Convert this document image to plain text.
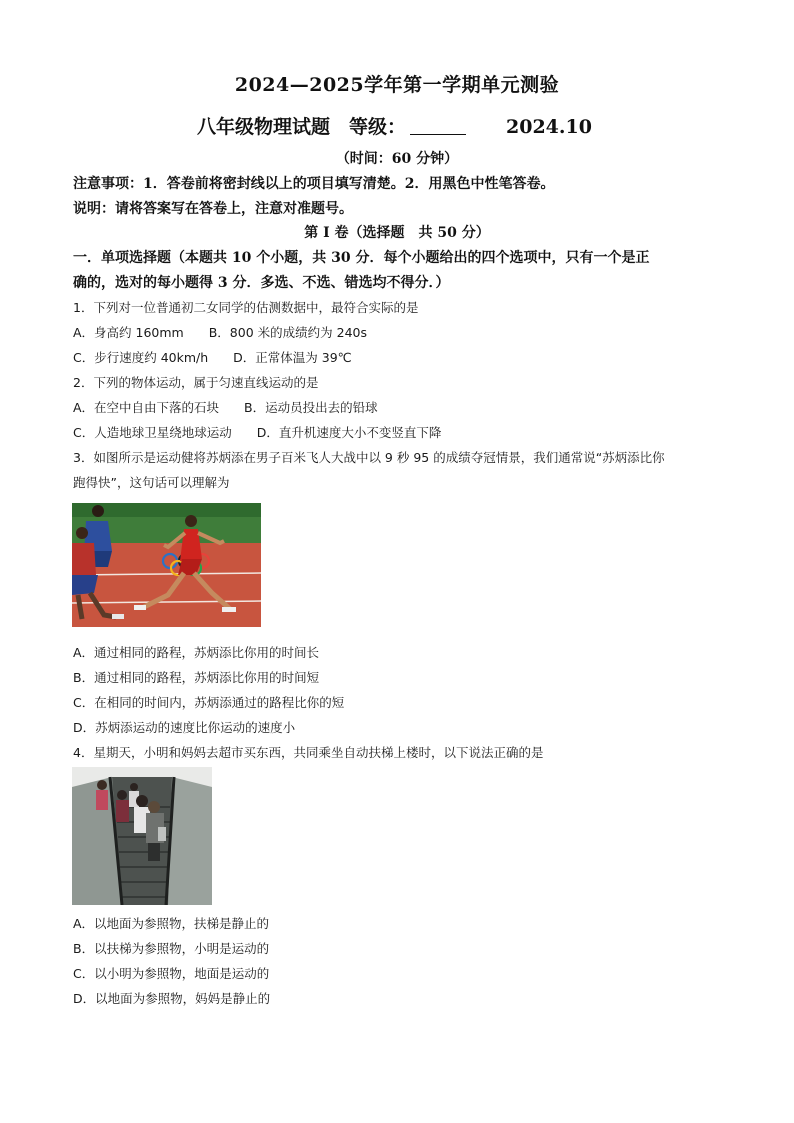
2024—2025学年第一学期单元测验
八年级物理试题　等级：	2024.10
（时间：60 分钟）
注意事项：1．答卷前将密封线以上的项目填写清楚。2．用黑色中性笔答卷。
说明：请将答案写在答卷上，注意对准题号。
第 I 卷（选择题　共 50 分）
一．单项选择题（本题共 10 个小题，共 30 分．每个小题给出的四个选项中，只有一个是正
确的，选对的每小题得 3 分．多选、不选、错选均不得分．）
1．下列对一位普通初二女同学的估测数据中，最符合实际的是
A．身高约 160mm　　B．800 米的成绩约为 240s
C．步行速度约 40km/h　　D．正常体温为 39℃
2．下列的物体运动，属于匀速直线运动的是
A．在空中自由下落的石块　　B．运动员投出去的铅球
C．人造地球卫星绕地球运动　　D．直升机速度大小不变竖直下降
3．如图所示是运动健将苏炳添在男子百米飞人大战中以 9 秒 95 的成绩夺冠情景，我们通常说“苏炳添比你
跑得快”，这句话可以理解为
A．通过相同的路程，苏炳添比你用的时间长
B．通过相同的路程，苏炳添比你用的时间短
C．在相同的时间内，苏炳添通过的路程比你的短
D．苏炳添运动的速度比你运动的速度小
4．星期天，小明和妈妈去超市买东西，共同乘坐自动扶梯上楼时，以下说法正确的是
A．以地面为参照物，扶梯是静止的
B．以扶梯为参照物，小明是运动的
C．以小明为参照物，地面是运动的
D．以地面为参照物，妈妈是静止的
